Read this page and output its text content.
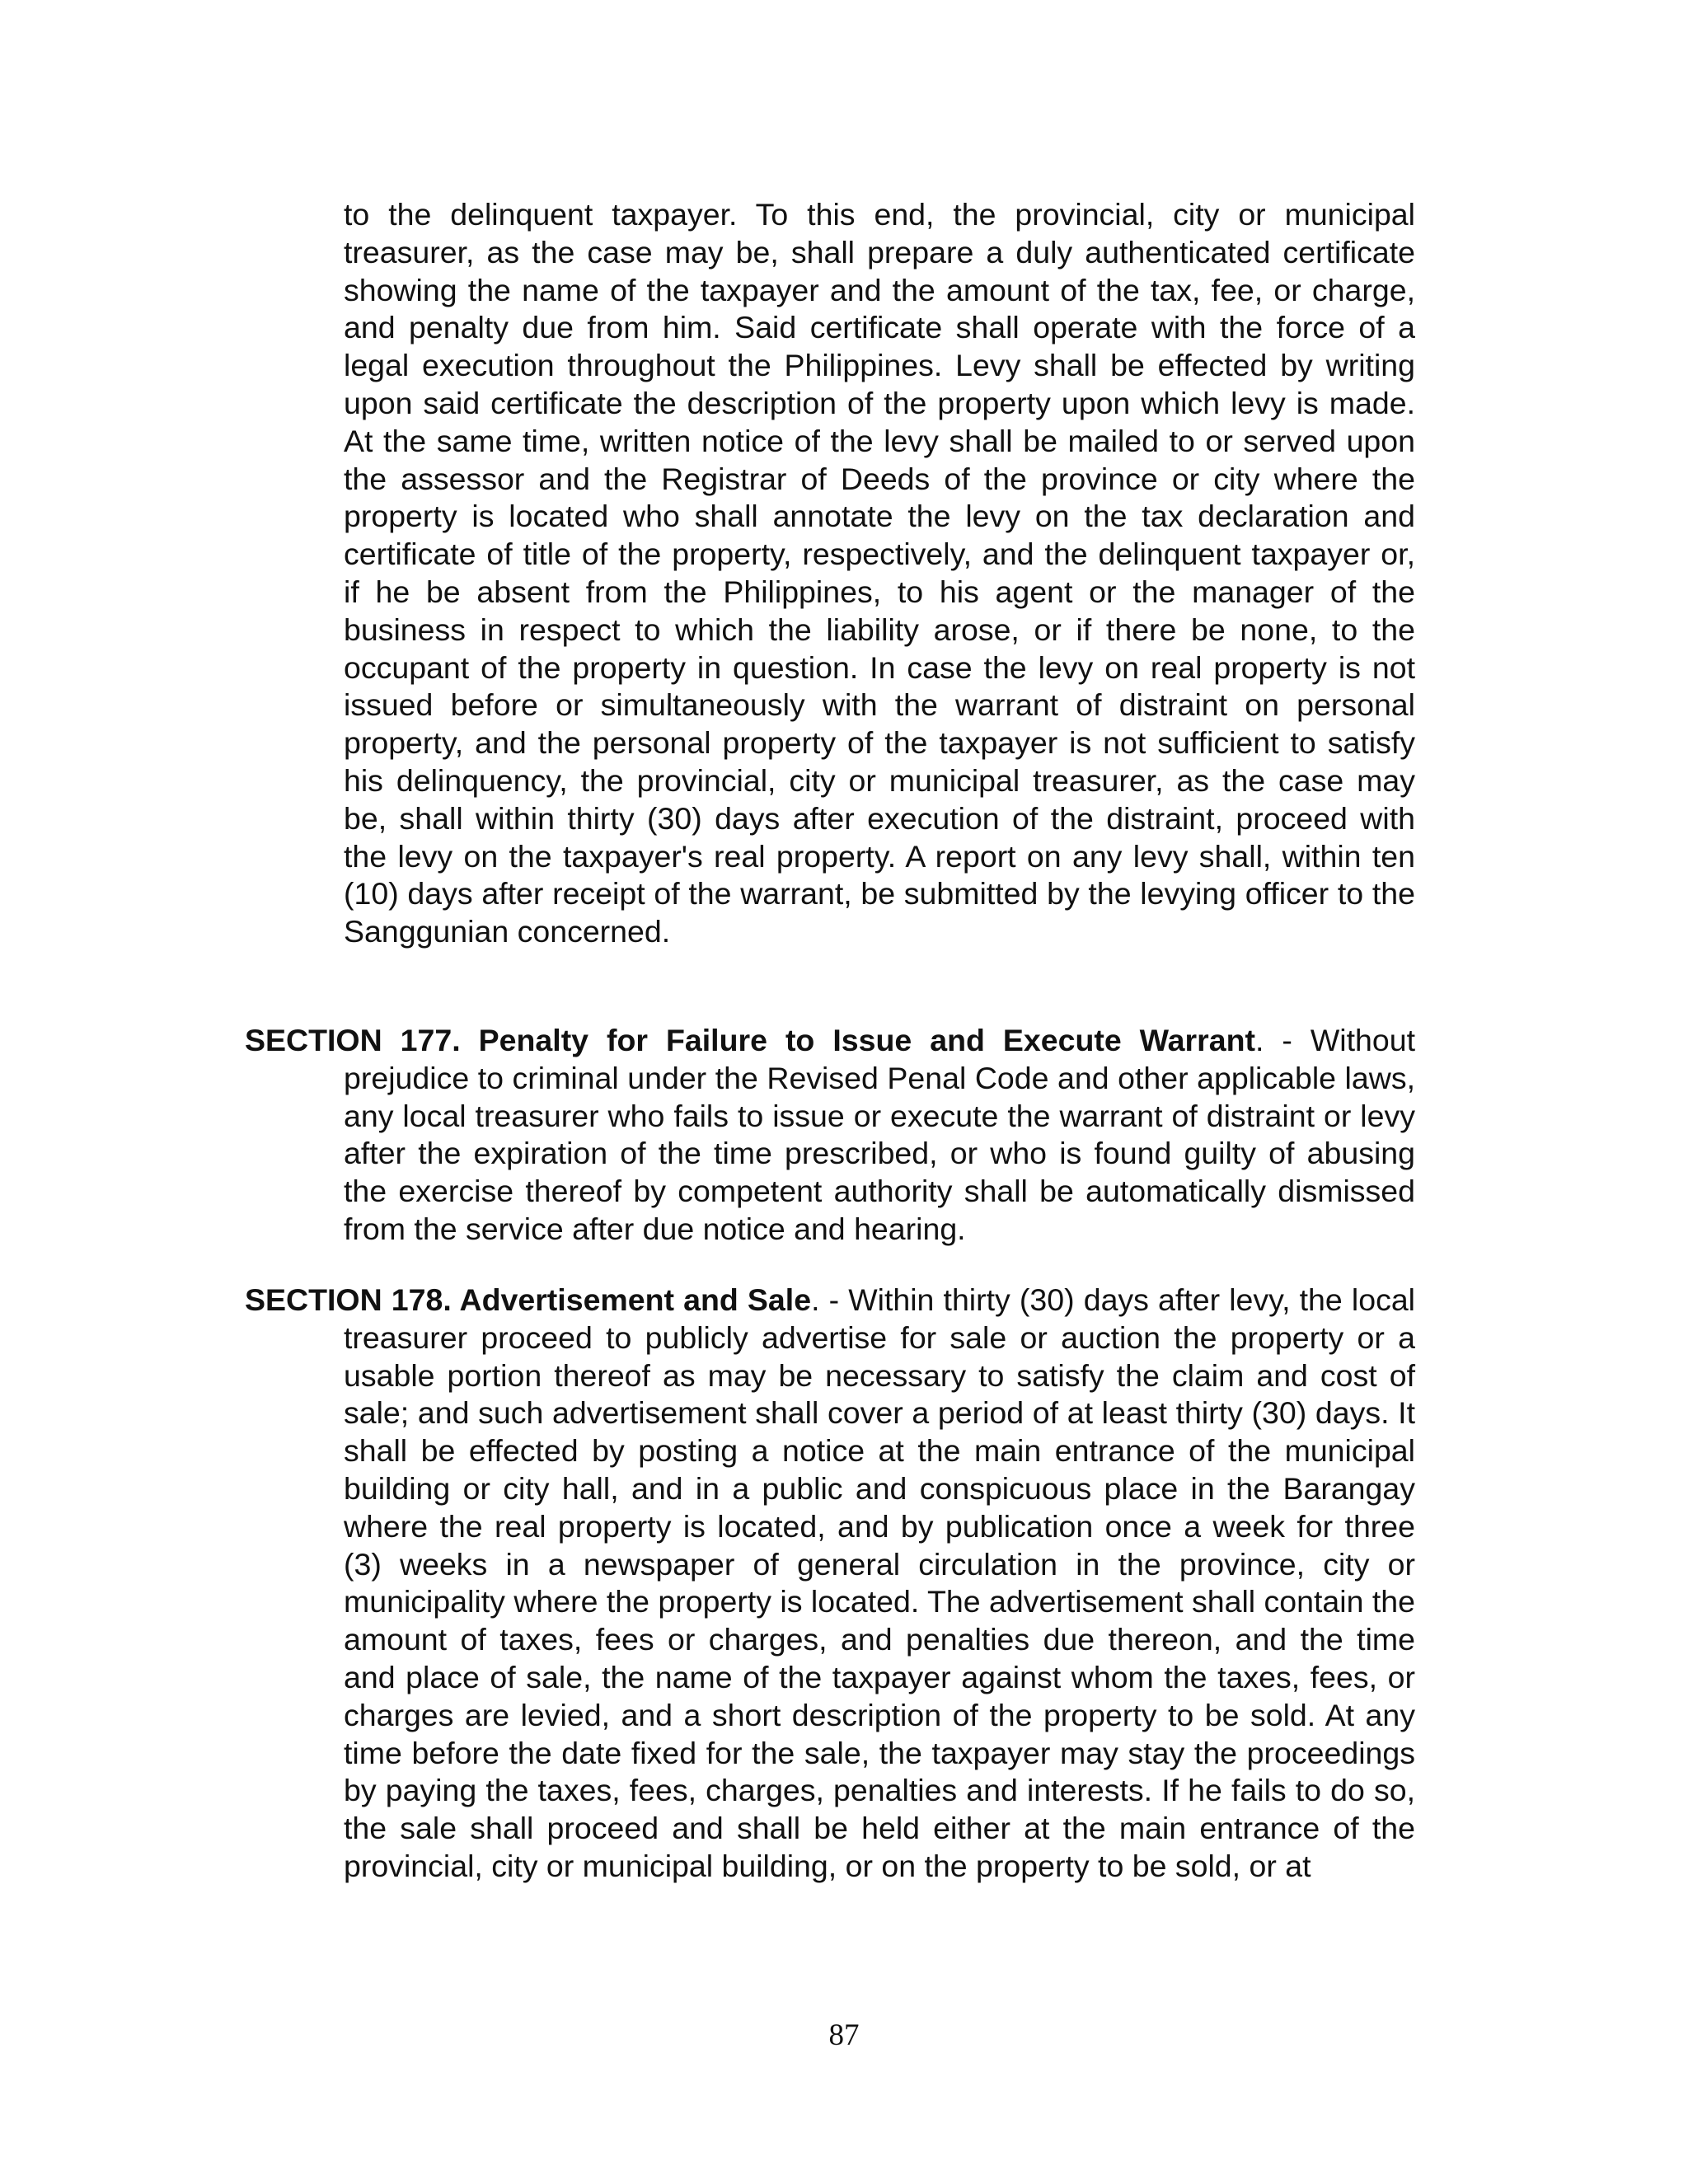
to the delinquent taxpayer. To this end, the provincial, city or municipal treasurer, as the case may be, shall prepare a duly authenticated certificate showing the name of the taxpayer and the amount of the tax, fee, or charge, and penalty due from him. Said certificate shall operate with the force of a legal execution throughout the Philippines. Levy shall be effected by writing upon said certificate the description of the property upon which levy is made. At the same time, written notice of the levy shall be mailed to or served upon the assessor and the Registrar of Deeds of the province or city where the property is located who shall annotate the levy on the tax declaration and certificate of title of the property, respectively, and the delinquent taxpayer or, if he be absent from the Philippines, to his agent or the manager of the business in respect to which the liability arose, or if there be none, to the occupant of the property in question. In case the levy on real property is not issued before or simultaneously with the warrant of distraint on personal property, and the personal property of the taxpayer is not sufficient to satisfy his delinquency, the provincial, city or municipal treasurer, as the case may be, shall within thirty (30) days after execution of the distraint, proceed with the levy on the taxpayer's real property. A report on any levy shall, within ten (10) days after receipt of the warrant, be submitted by the levying officer to the Sanggunian concerned.

SECTION 177. Penalty for Failure to Issue and Execute Warrant. - Without prejudice to criminal under the Revised Penal Code and other applicable laws, any local treasurer who fails to issue or execute the warrant of distraint or levy after the expiration of the time prescribed, or who is found guilty of abusing the exercise thereof by competent authority shall be automatically dismissed from the service after due notice and hearing.

SECTION 178. Advertisement and Sale. - Within thirty (30) days after levy, the local treasurer proceed to publicly advertise for sale or auction the property or a usable portion thereof as may be necessary to satisfy the claim and cost of sale; and such advertisement shall cover a period of at least thirty (30) days. It shall be effected by posting a notice at the main entrance of the municipal building or city hall, and in a public and conspicuous place in the Barangay where the real property is located, and by publication once a week for three (3) weeks in a newspaper of general circulation in the province, city or municipality where the property is located. The advertisement shall contain the amount of taxes, fees or charges, and penalties due thereon, and the time and place of sale, the name of the taxpayer against whom the taxes, fees, or charges are levied, and a short description of the property to be sold. At any time before the date fixed for the sale, the taxpayer may stay the proceedings by paying the taxes, fees, charges, penalties and interests. If he fails to do so, the sale shall proceed and shall be held either at the main entrance of the provincial, city or municipal building, or on the property to be sold, or at

87
